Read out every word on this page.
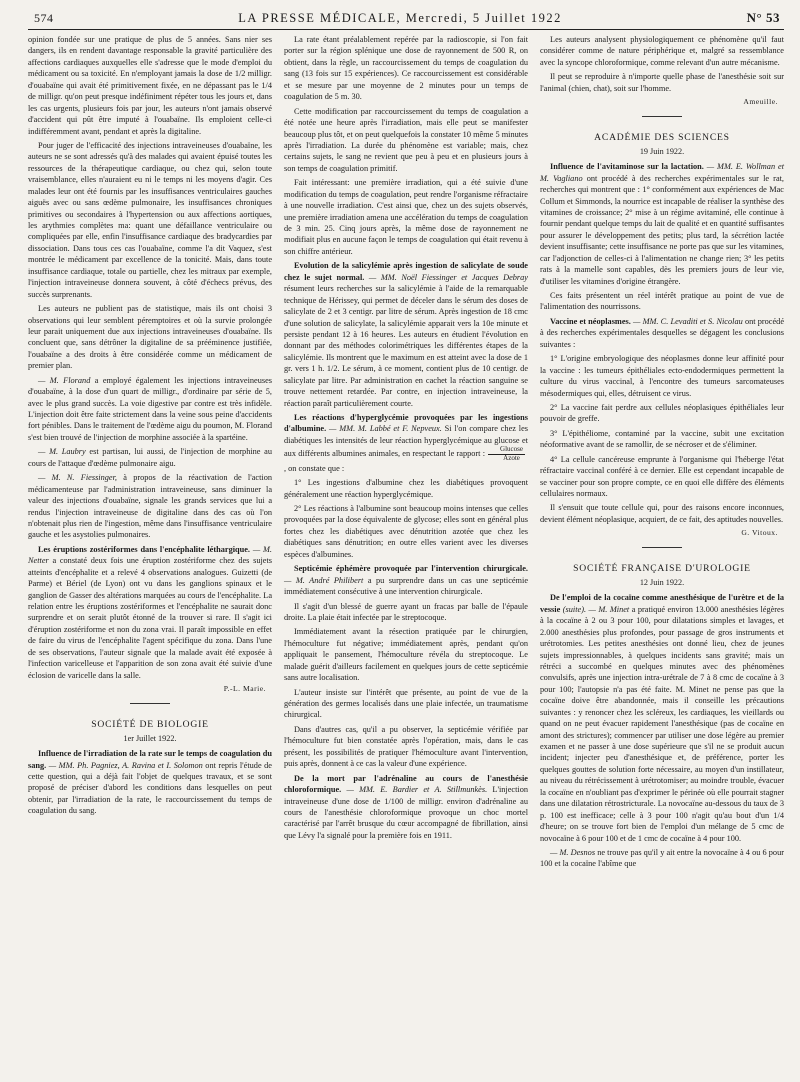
574	LA PRESSE MÉDICALE, Mercredi, 5 Juillet 1922	N° 53

opinion fondée sur une pratique de plus de 5 années. Sans nier ses dangers, ils en rendent davantage responsable la gravité particulière des affections cardiaques auxquelles elle s'adresse que le mode d'emploi du médicament ou sa toxicité. En n'employant jamais la dose de 1/2 milligr. d'ouabaïne qui avait été primitivement fixée, en ne dépassant pas le 1/4 de milligr. qu'on peut presque indéfiniment répéter tous les jours et, dans les cas urgents, plusieurs fois par jour, les auteurs n'ont jamais observé d'accident qui pût être imputé à l'ouabaïne. Ils emploient celle-ci indifféremment avant, pendant et après la digitaline.

Pour juger de l'efficacité des injections intraveineuses d'ouabaïne, les auteurs ne se sont adressés qu'à des malades qui avaient épuisé toutes les ressources de la thérapeutique cardiaque, ou chez qui, selon toute vraisemblance, elles n'auraient eu ni le temps ni les moyens d'agir. Ces malades leur ont été fournis par les insuffisances ventriculaires gauches aiguës avec ou sans œdème pulmonaire, les insuffisances chroniques primitives ou secondaires à l'hypertension ou aux affections aortiques, les arythmies complètes ma: quant une défaillance ventriculaire ou compliquées par elle, enfin l'insuffisance cardiaque des bradycardies par dissociation. Dans tous ces cas l'ouabaïne, comme l'a dit Vaquez, s'est montrée le médicament par excellence de la tonicité. Mais, dans toute insuffisance cardiaque, totale ou partielle, chez les mitraux par exemple, l'injection intraveineuse donnera souvent, à côté d'échecs prévus, des succès surprenants.

Les auteurs ne publient pas de statistique, mais ils ont choisi 3 observations qui leur semblent péremptoires et où la survie prolongée leur parait uniquement due aux injections intraveineuses d'ouabaïne. Ils concluent que, sans détrôner la digitaline de sa prééminence justifiée, l'ouabaïne a des droits à être considérée comme un médicament de premier plan.

— M. Florand a employé également les injections intraveineuses d'ouabaïne, à la dose d'un quart de milligr., d'ordinaire par série de 5, avec le plus grand succès. La voie digestive par contre est très infidèle. L'injection doit être faite strictement dans la veine sous peine d'accidents fort pénibles. Dans le traitement de l'œdème aigu du poumon, M. Florand s'est bien trouvé de l'injection de morphine associée à la spartéine.

— M. Laubry est partisan, lui aussi, de l'injection de morphine au cours de l'attaque d'œdème pulmonaire aigu.

— M. N. Fiessinger, à propos de la réactivation de l'action médicamenteuse par l'administration intraveineuse, sans diminuer la valeur des injections d'ouabaïne, signale les grands services que lui a rendus l'injection intraveineuse de digitaline dans des cas où l'on n'obtenait plus rien de l'ingestion, même dans l'insuffisance ventriculaire gauche et les asystolies pulmonaires.

Les éruptions zostériformes dans l'encéphalite léthargique. — M. Netter a constaté deux fois une éruption zostériforme chez des sujets atteints d'encéphalite et a relevé 4 observations analogues. Guizetti (de Parme) et Bériel (de Lyon) ont vu dans les ganglions spinaux et le ganglion de Gasser des altérations marquées au cours de l'encéphalite. La relation entre les éruptions zostériformes et l'encéphalite ne saurait donc surprendre et on serait plutôt étonné de la trouver si rare. Il s'agit ici d'éruption zostériforme et non du zona vrai. Il paraît impossible en effet de faire du virus de l'encéphalite l'agent spécifique du zona. Dans l'une de ses observations, l'auteur signale que la malade avait été exposée à l'infection varicelleuse et l'apparition de son zona avait été suivie d'une éclosion de varicelle dans la salle.

P.-L. Marie.
SOCIÉTÉ DE BIOLOGIE
1er Juillet 1922.

Influence de l'irradiation de la rate sur le temps de coagulation du sang. — MM. Ph. Pagniez, A. Ravina et I. Solomon ont repris l'étude de cette question, qui a déjà fait l'objet de quelques travaux, et se sont proposé de préciser d'abord les conditions dans lesquelles on peut obtenir, par l'irradiation de la rate, le raccourcissement du temps de coagulation du sang.

La rate étant préalablement repérée par la radioscopie, si l'on fait porter sur la région splénique une dose de rayonnement de 500 R, on obtient, dans la règle, un raccourcissement du temps de coagulation du sang (13 fois sur 15 expériences). Ce raccourcissement est considérable et se mesure par une moyenne de 2 minutes pour un temps de coagulation de 5 m. 30.

Cette modification par raccourcissement du temps de coagulation a été notée une heure après l'irradiation, mais elle peut se manifester beaucoup plus tôt, et on peut quelquefois la constater 10 même 5 minutes après l'irradiation. La durée du phénomène est variable; mais, chez certains sujets, le sang ne revient que peu à peu et en plusieurs jours à son temps de coagulation primitif.

Fait intéressant: une première irradiation, qui a été suivie d'une modification du temps de coagulation, peut rendre l'organisme réfractaire à une nouvelle irradiation. C'est ainsi que, chez un des sujets observés, une première irradiation amena une accélération du temps de coagulation de 3 min. 25. Cinq jours après, la même dose de rayonnement ne modifiait plus en aucune façon le temps de coagulation qui était revenu à son chiffre antérieur.

Evolution de la salicylémie après ingestion de salicylate de soude chez le sujet normal. — MM. Noël Fiessinger et Jacques Debray résument leurs recherches sur la salicylémie à l'aide de la remarquable technique de Hérissey, qui permet de déceler dans le sérum des doses de salicylate de 2 et 3 centigr. par litre de sérum. Après ingestion de 18 cmc d'une solution de salicylate, la salicylémie apparait vers la 10e minute et persiste pendant 12 à 16 heures. Les auteurs en étudient l'évolution en donnant par des méthodes colorimétriques les différentes étapes de la salicylémie. Ils montrent que le maximum en est atteint avec la dose de 1 gr. vers 1 h. 1/2. Le sérum, à ce moment, contient plus de 10 centigr. de salicylate par litre. Par administration en cachet la réaction sanguine se trouve nettement retardée. Par contre, en injection intraveineuse, la réaction paraît particulièrement courte.

Les réactions d'hyperglycémie provoquées par les ingestions d'albumine. — MM. M. Labbé et F. Nepveux. Si l'on compare chez les diabétiques les intensités de leur réaction hyperglycémique au glucose et aux différents albumines animales, en respectant le rapport : $\frac{\text{Glucose}}{\text{Azote}}$
, on constate que :

1° Les ingestions d'albumine chez les diabétiques provoquent généralement une réaction hyperglycémique.

2° Les réactions à l'albumine sont beaucoup moins intenses que celles provoquées par la dose équivalente de glycose; elles sont en général plus fortes chez les diabétiques avec dénutrition azotée que chez les diabétiques sans dénutrition; en outre elles varient avec les diverses espèces d'albumines.

Septicémie éphémère provoquée par l'intervention chirurgicale. — M. André Philibert a pu surprendre dans un cas une septicémie immédiatement consécutive à une intervention chirurgicale.

Il s'agit d'un blessé de guerre ayant un fracas par balle de l'épaule droite. La plaie était infectée par le streptocoque.

Immédiatement avant la résection pratiquée par le chirurgien, l'hémoculture fut négative; immédiatement après, pendant qu'on appliquait le pansement, l'hémoculture révéla du streptocoque. Le malade guérit d'ailleurs facilement en quelques jours de cette septicémie sans autre localisation.

L'auteur insiste sur l'intérêt que présente, au point de vue de la génération des germes localisés dans une plaie infectée, un traumatisme chirurgical.

Dans d'autres cas, qu'il a pu observer, la septicémie vérifiée par l'hémoculture fut bien constatée après l'opération, mais, dans le cas présent, les possibilités de pratiquer l'hémoculture avant l'intervention, puis après, donnent à ce cas la valeur d'une expérience.

De la mort par l'adrénaline au cours de l'anesthésie chloroformique. — MM. E. Bardier et A. Stillmunkès. L'injection intraveineuse d'une dose de 1/100 de milligr. environ d'adrénaline au cours de l'anesthésie chloroformique provoque un choc mortel caractérisé par l'arrêt brusque du cœur accompagné de fibrillation, ainsi que Lévy l'a signalé pour la première fois en 1911.

Les auteurs analysent physiologiquement ce phénomène qu'il faut considérer comme de nature périphérique et, malgré sa ressemblance avec la syncope chloroformique, comme relevant d'un autre mécanisme.

Il peut se reproduire à n'importe quelle phase de l'anesthésie soit sur l'animal (chien, chat), soit sur l'homme.

Ameuille.
ACADÉMIE DES SCIENCES
19 Juin 1922.

Influence de l'avitaminose sur la lactation. — MM. E. Wollman et M. Vagliano ont procédé à des recherches expérimentales sur le rat, recherches qui montrent que : 1° conformément aux expériences de Mac Collum et Simmonds, la nourrice est incapable de réaliser la synthèse des vitamines de croissance; 2° mise à un régime avitaminé, elle continue à fournir pendant quelque temps du lait de qualité et en quantité suffisantes pour assurer le développement des petits; plus tard, la sécrétion lactée devient insuffisante; cette insuffisance ne porte pas que sur les vitamines, car l'adjonction de celles-ci à l'alimentation ne change rien; 3° les petits rats à la mamelle sont capables, dès les premiers jours de leur vie, d'utiliser les vitamines d'origine étrangère.

Ces faits présentent un réel intérêt pratique au point de vue de l'alimentation des nourrissons.

Vaccine et néoplasmes. — MM. C. Levaditi et S. Nicolau ont procédé à des recherches expérimentales desquelles se dégagent les conclusions suivantes :

1° L'origine embryologique des néoplasmes donne leur affinité pour la vaccine : les tumeurs épithéliales ecto-endodermiques permettent la culture du virus vaccinal, à l'encontre des tumeurs sarcomateuses mésodermiques qui, elles, détruisent ce virus.

2° La vaccine fait perdre aux cellules néoplasiques épithéliales leur pouvoir de greffe.

3° L'épithéliome, contaminé par la vaccine, subit une excitation néoformative avant de se ramollir, de se nécroser et de s'éliminer.

4° La cellule cancéreuse emprunte à l'organisme qui l'héberge l'état réfractaire vaccinal conféré à ce dernier. Elle est cependant incapable de se vacciner pour son propre compte, ce en quoi elle diffère des éléments cellulaires normaux.

Il s'ensuit que toute cellule qui, pour des raisons encore inconnues, devient élément néoplasique, acquiert, de ce fait, des aptitudes nouvelles.

G. Vitoux.
SOCIÉTÉ FRANÇAISE D'UROLOGIE
12 Juin 1922.

De l'emploi de la cocaïne comme anesthésique de l'urètre et de la vessie (suite). — M. Minet a pratiqué environ 13.000 anesthésies légères à la cocaïne à 2 ou 3 pour 100, pour dilatations simples et lavages, et 2.000 anesthésies plus profondes, pour passage de gros instruments et urétrotomies. Les petites anesthésies ont donné lieu, chez de jeunes sujets impressionnables, à quelques incidents sans gravité; mais un rétréci a succombé en quelques minutes avec des phénomènes convulsifs, après une injection intra-urétrale de 7 à 8 cmc de cocaïne à 3 pour 100; l'autopsie n'a pas été faite. M. Minet ne pense pas que la cocaïne doive être abandonnée, mais il conseille les précautions suivantes : y renoncer chez les scléreux, les cardiaques, les vieillards ou quand on ne peut évacuer rapidement l'anesthésique (pas de cocaïne en amont des strictures); commencer par utiliser une dose légère au premier examen et ne passer à une dose supérieure que s'il ne se produit aucun incident; injecter peu d'anesthésique et, de préférence, porter les quelques gouttes de solution forte nécessaire, au moyen d'un instillateur, au niveau du rétrécissement à urétrotomiser; au moindre trouble, évacuer la cocaïne en n'oubliant pas d'exprimer le périnée où elle pourrait stagner dans une dilatation rétrostricturale. La novocaïne au-dessous du taux de 3 p. 100 est inefficace; celle à 3 pour 100 n'agit qu'au bout d'un 1/4 d'heure; on se trouve fort bien de l'emploi d'un mélange de 5 cmc de novocaïne à 6 pour 100 et de 1 cmc de cocaïne à 4 pour 100.

— M. Desnos ne trouve pas qu'il y ait entre la novocaïne à 4 ou 6 pour 100 et la cocaïne l'abîme que
